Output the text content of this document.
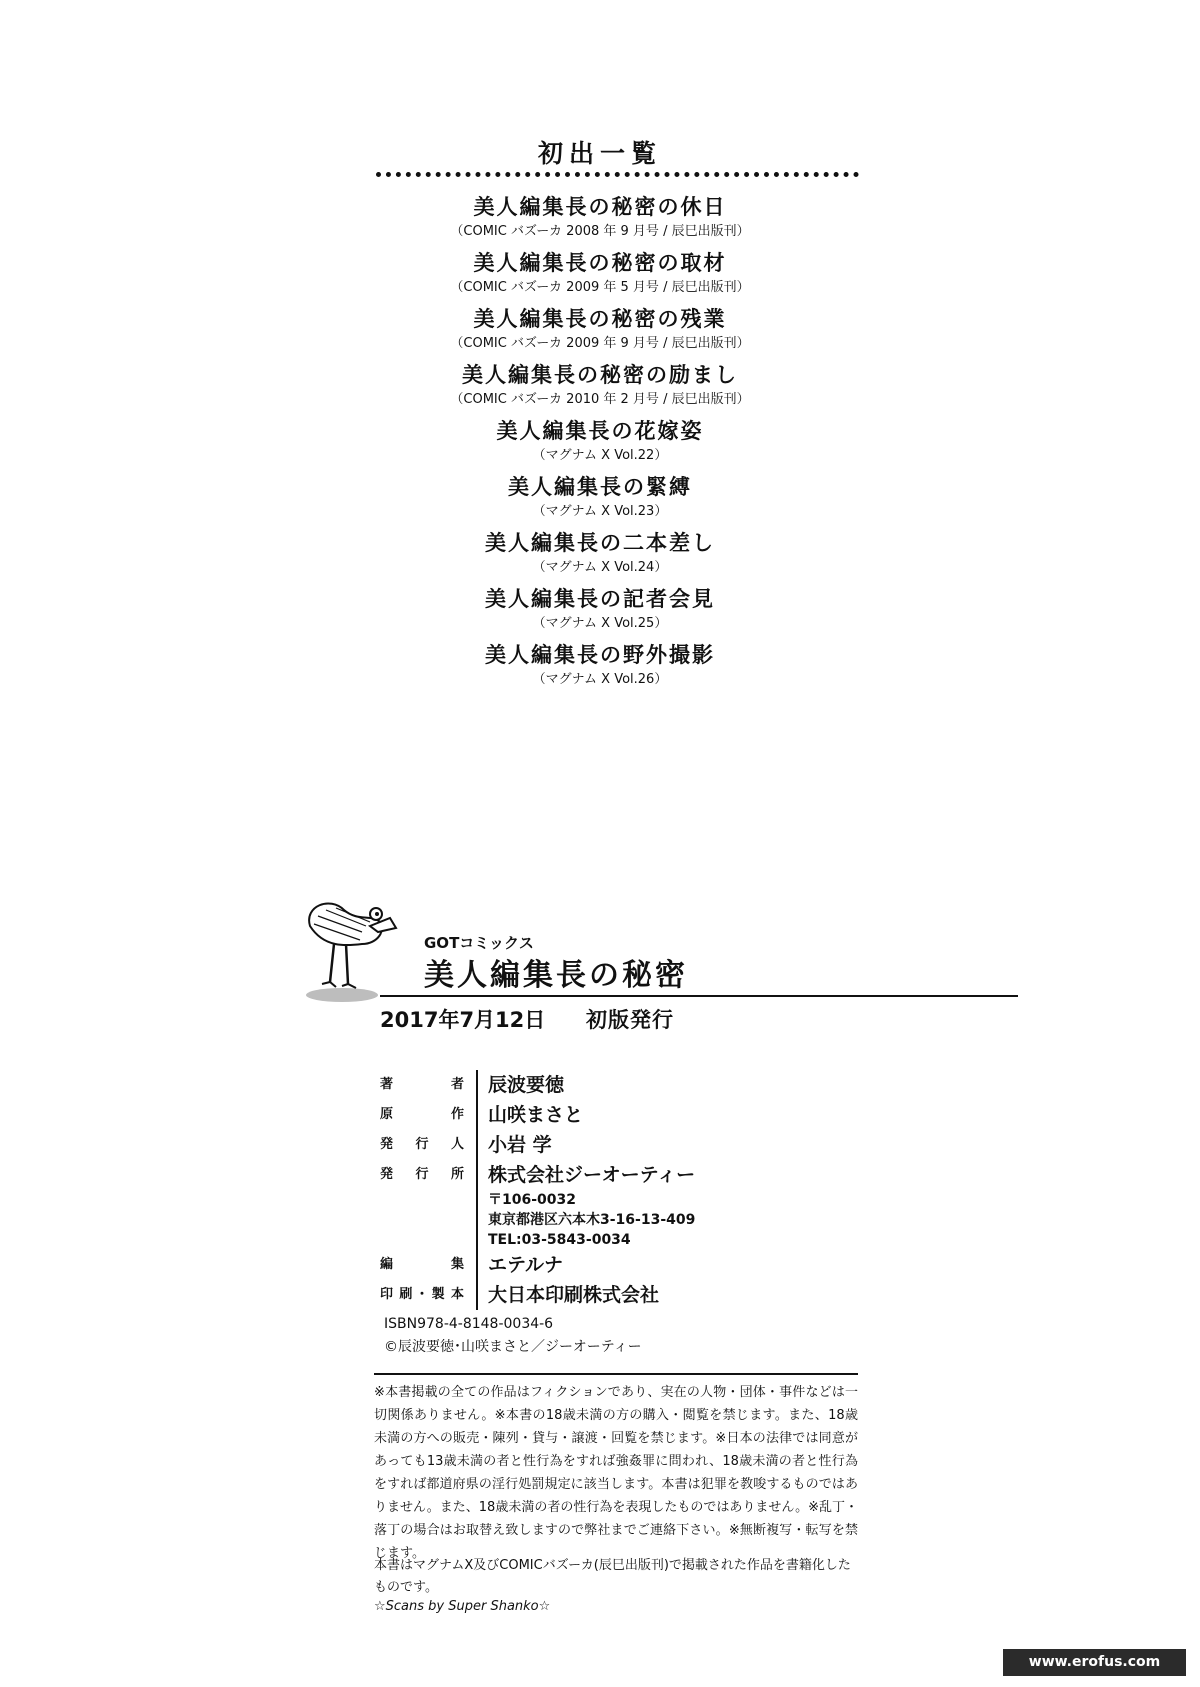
初出一覧
美人編集長の秘密の休日
（COMIC バズーカ 2008 年 9 月号 / 辰巳出版刊）
美人編集長の秘密の取材
（COMIC バズーカ 2009 年 5 月号 / 辰巳出版刊）
美人編集長の秘密の残業
（COMIC バズーカ 2009 年 9 月号 / 辰巳出版刊）
美人編集長の秘密の励まし
（COMIC バズーカ 2010 年 2 月号 / 辰巳出版刊）
美人編集長の花嫁姿
（マグナム X Vol.22）
美人編集長の緊縛
（マグナム X Vol.23）
美人編集長の二本差し
（マグナム X Vol.24）
美人編集長の記者会見
（マグナム X Vol.25）
美人編集長の野外撮影
（マグナム X Vol.26）
GOTコミックス
美人編集長の秘密
2017年7月12日 初版発行
著　者	辰波要徳
原　作	山咲まさと
発行人	小岩 学
発行所	株式会社ジーオーティー
〒106-0032
東京都港区六本木3-16-13-409
TEL:03-5843-0034
編　集	エテルナ
印刷･製本	大日本印刷株式会社
ISBN978-4-8148-0034-6
©辰波要徳･山咲まさと／ジーオーティー
※本書掲載の全ての作品はフィクションであり、実在の人物・団体・事件などは一切関係ありません。※本書の18歳未満の方の購入・閲覧を禁じます。また、18歳未満の方への販売・陳列・貸与・譲渡・回覧を禁じます。※日本の法律では同意があっても13歳未満の者と性行為をすれば強姦罪に問われ、18歳未満の者と性行為をすれば都道府県の淫行処罰規定に該当します。本書は犯罪を教唆するものではありません。また、18歳未満の者の性行為を表現したものではありません。※乱丁・落丁の場合はお取替え致しますので弊社までご連絡下さい。※無断複写・転写を禁じます。
本書はマグナムX及びCOMICバズーカ(辰巳出版刊)で掲載された作品を書籍化したものです。
☆Scans by Super Shanko☆
www.erofus.com
